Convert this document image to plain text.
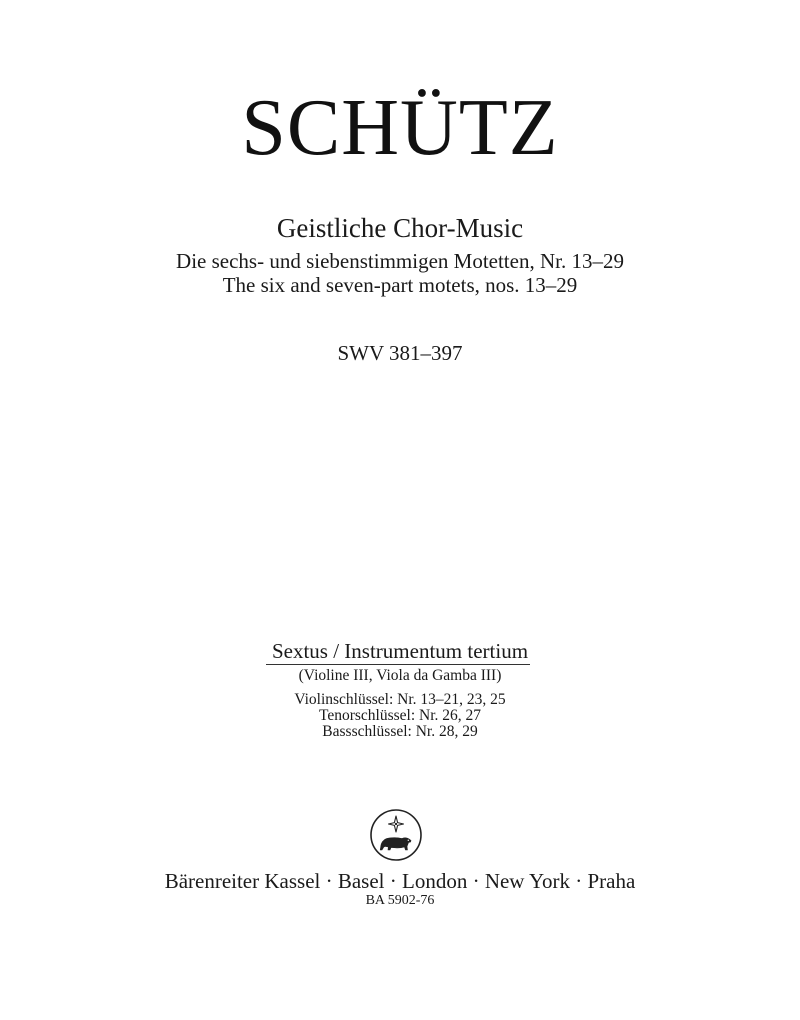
SCHÜTZ
Geistliche Chor-Music
Die sechs- und siebenstimmigen Motetten, Nr. 13–29
The six and seven-part motets, nos. 13–29
SWV 381–397
Sextus / Instrumentum tertium
(Violine III, Viola da Gamba III)
Violinschlüssel: Nr. 13–21, 23, 25
Tenorschlüssel: Nr. 26, 27
Bassschlüssel: Nr. 28, 29
Bärenreiter Kassel · Basel · London · New York · Praha
BA 5902-76
